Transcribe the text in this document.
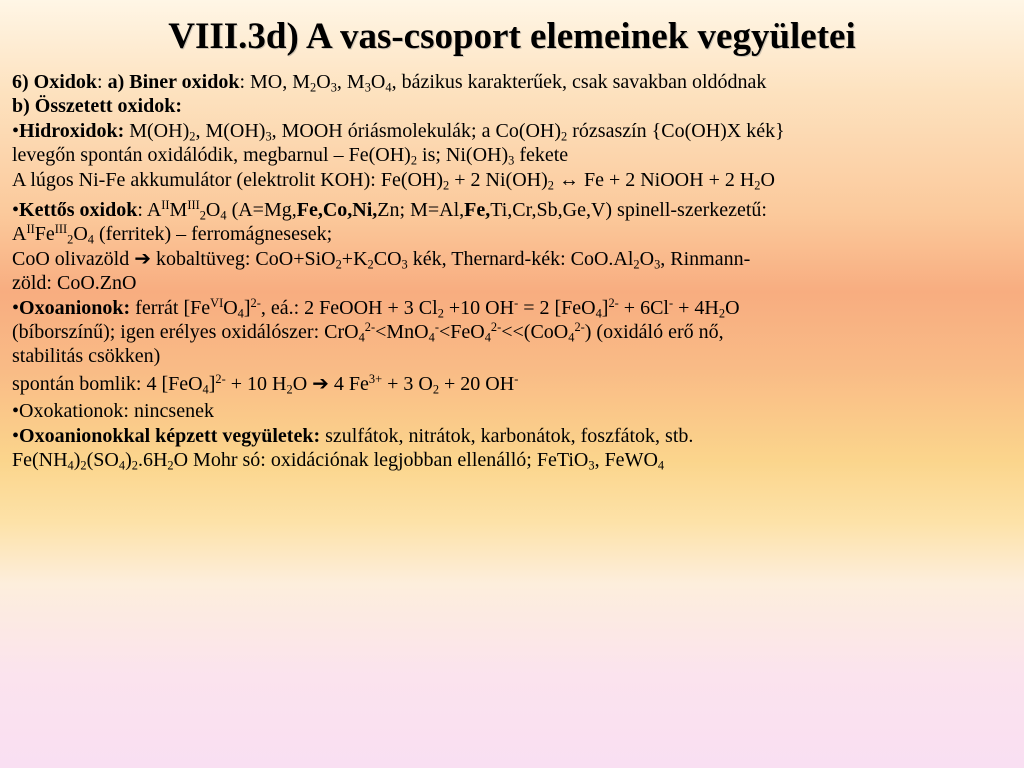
VIII.3d) A vas-csoport elemeinek vegyületei

6) Oxidok: a) Biner oxidok: MO, $M_2O_3$, $M_3O_4$, bázikus karakterűek, csak savakban oldódnak

b) Összetett oxidok:

•Hidroxidok: $M(OH)_2$, $M(OH)_3$, MOOH óriásmolekulák; a $Co(OH)_2$ rózsaszín {Co(OH)X kék}

levegőn spontán oxidálódik, megbarnul – $Fe(OH)_2$ is; $Ni(OH)_3$ fekete

A lúgos Ni-Fe akkumulátor (elektrolit KOH): $Fe(OH)_2 + 2$ $Ni(OH)_2$ ↔ Fe + 2 NiOOH + 2 $H_2O$

•Kettős oxidok: $A^{II}M^{III}_2O_4$ (A=Mg,Fe,Co,Ni,Zn; M=Al,Fe,Ti,Cr,Sb,Ge,V) spinell-szerkezetű:

$A^{II}Fe^{III}_2O_4$ (ferritek) – ferromágnesesek;

CoO olivazöld ➔ kobaltüveg: $CoO+SiO_2+K_2CO_3$ kék, Thernard-kék: $CoO.Al_2O_3$, Rinmann-

zöld: CoO.ZnO

•Oxoanionok: ferrát $[Fe^{VI}O_4]^{2-}$, eá.: 2 FeOOH + 3 $Cl_2 +10$ OH- = 2 $[FeO_4]^{2-} + 6Cl^- + 4H_2O$

(bíborszínű); igen erélyes oxidálószer: CrO$_4^{2-}$<MnO$_4$-<FeO$_4^{2-}$<<(CoO$_4^{2-}$) (oxidáló erő nő,

stabilitás csökken)

spontán bomlik: 4 $[FeO_4]^{2-} + 10$ $H_2O$ ➔ 4 $Fe^{3+} + 3$ $O_2 + 20$ OH-

•Oxokationok: nincsenek

•Oxoanionokkal képzett vegyületek: szulfátok, nitrátok, karbonátok, foszfátok, stb.

$Fe(NH_4)_2(SO_4)_2.6H_2O$ Mohr só: oxidációnak legjobban ellenálló; FeTiO$_3$, FeWO$_4$
